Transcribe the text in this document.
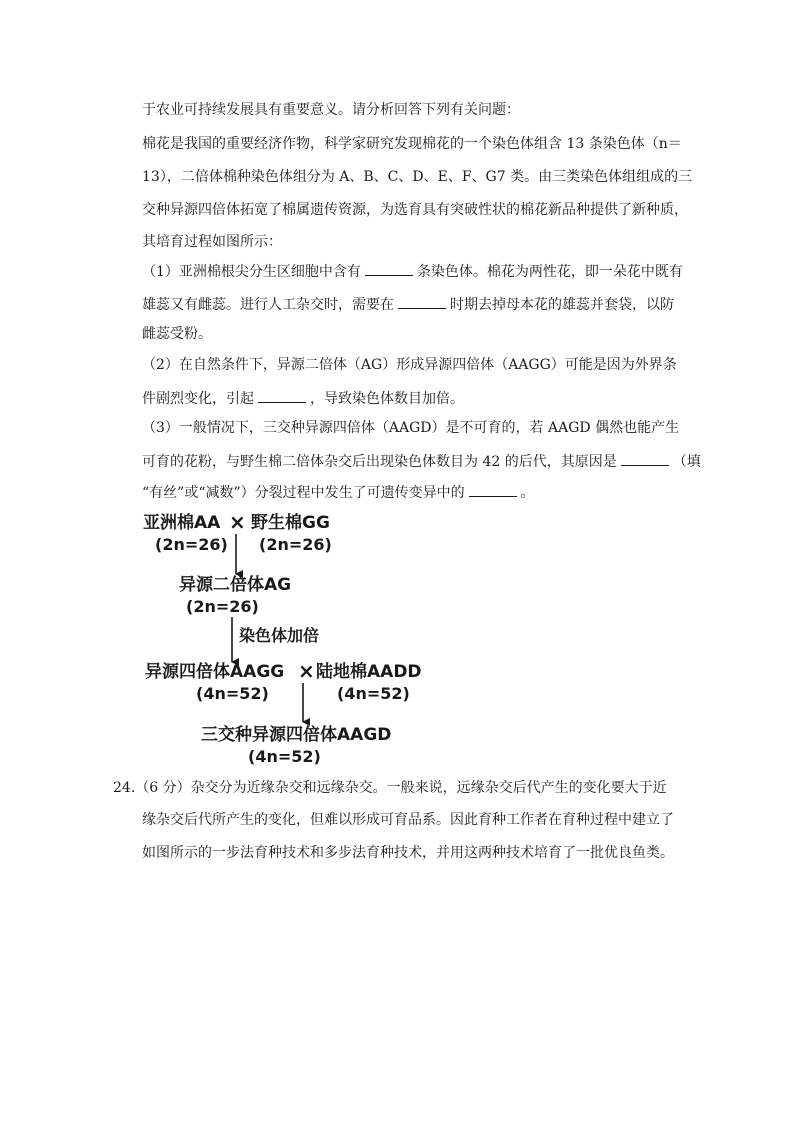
于农业可持续发展具有重要意义。请分析回答下列有关问题：
棉花是我国的重要经济作物，科学家研究发现棉花的一个染色体组含 13 条染色体（n＝
13），二倍体棉种染色体组分为 A、B、C、D、E、F、G7 类。由三类染色体组组成的三
交种异源四倍体拓宽了棉属遗传资源，为选育具有突破性状的棉花新品种提供了新种质，
其培育过程如图所示：
（1）亚洲棉根尖分生区细胞中含有	条染色体。棉花为两性花，即一朵花中既有
雄蕊又有雌蕊。进行人工杂交时，需要在	时期去掉母本花的雄蕊并套袋，以防
雌蕊受粉。
（2）在自然条件下，异源二倍体（AG）形成异源四倍体（AAGG）可能是因为外界条
件剧烈变化，引起	，导致染色体数目加倍。
（3）一般情况下，三交种异源四倍体（AAGD）是不可育的，若 AAGD 偶然也能产生
可育的花粉，与野生棉二倍体杂交后出现染色体数目为 42 的后代，其原因是	（填
“有丝”或“减数”）分裂过程中发生了可遗传变异中的	。
亚洲棉AA × 野生棉GG
(2n=26) (2n=26)
异源二倍体AG
(2n=26)
染色体加倍
异源四倍体AAGG × 陆地棉AADD
(4n=52)	(4n=52)
三交种异源四倍体AAGD
(4n=52)
24.（6 分）杂交分为近缘杂交和远缘杂交。一般来说，远缘杂交后代产生的变化要大于近
缘杂交后代所产生的变化，但难以形成可育品系。因此育种工作者在育种过程中建立了
如图所示的一步法育种技术和多步法育种技术，并用这两种技术培育了一批优良鱼类。
